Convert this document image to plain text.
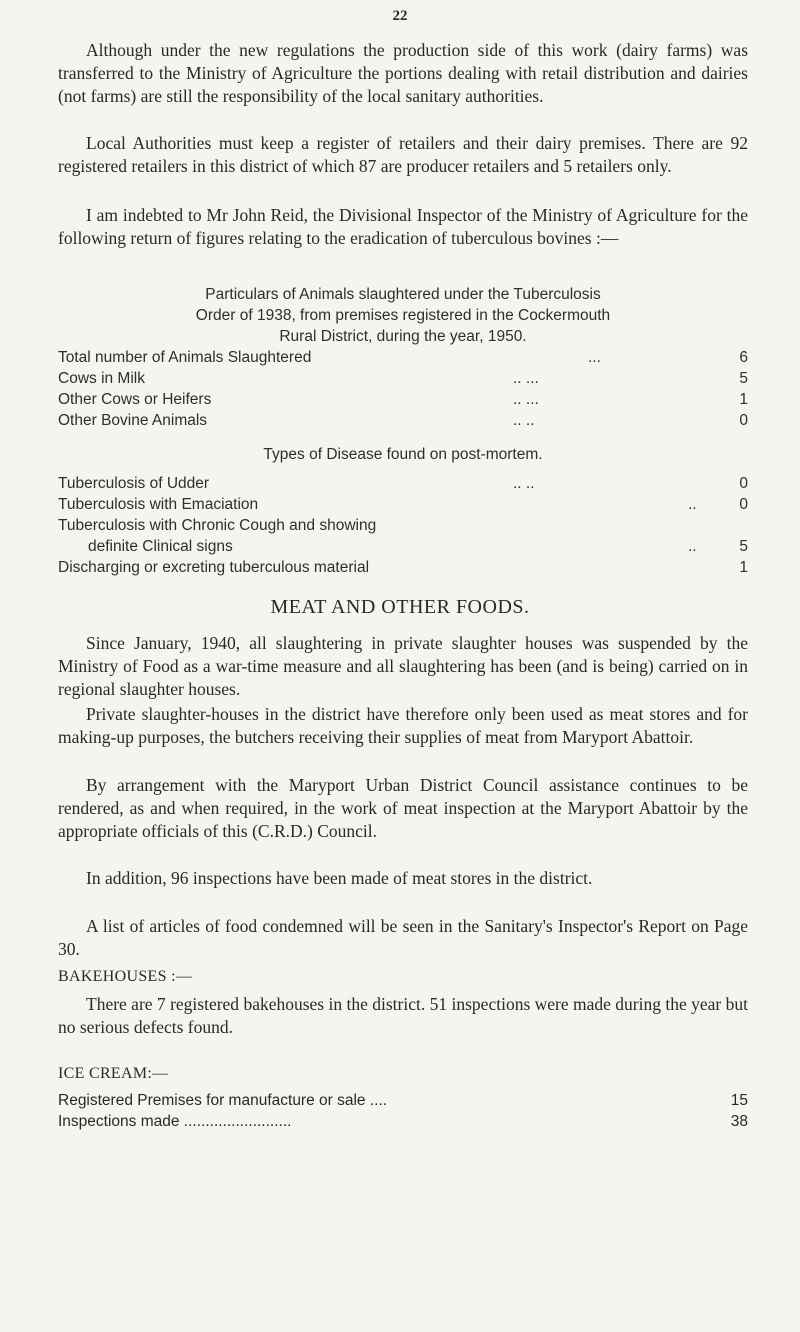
22

Although under the new regulations the production side of this work (dairy farms) was transferred to the Ministry of Agriculture the portions dealing with retail distribution and dairies (not farms) are still the responsibility of the local sanitary authorities.

Local Authorities must keep a register of retailers and their dairy premises. There are 92 registered retailers in this district of which 87 are producer retailers and 5 retailers only.

I am indebted to Mr John Reid, the Divisional Inspector of the Ministry of Agriculture for the following return of figures relating to the eradication of tuberculous bovines :—

Particulars of Animals slaughtered under the Tuberculosis
Order of 1938, from premises registered in the Cockermouth
Rural District, during the year, 1950.
Total number of Animals Slaughtered	...	6
Cows in Milk	.. ...	5
Other Cows or Heifers	.. ...	1
Other Bovine Animals	.. ..	0
Types of Disease found on post-mortem.
Tuberculosis of Udder	.. ..	0
Tuberculosis with Emaciation	..	0
Tuberculosis with Chronic Cough and showing
definite Clinical signs	..	5
Discharging or excreting tuberculous material	1
MEAT AND OTHER FOODS.

Since January, 1940, all slaughtering in private slaughter houses was suspended by the Ministry of Food as a war-time measure and all slaughtering has been (and is being) carried on in regional slaughter houses.

Private slaughter-houses in the district have therefore only been used as meat stores and for making-up purposes, the butchers receiving their supplies of meat from Maryport Abattoir.

By arrangement with the Maryport Urban District Council assistance continues to be rendered, as and when required, in the work of meat inspection at the Maryport Abattoir by the appropriate officials of this (C.R.D.) Council.

In addition, 96 inspections have been made of meat stores in the district.

A list of articles of food condemned will be seen in the Sanitary's Inspector's Report on Page 30.

BAKEHOUSES :—

There are 7 registered bakehouses in the district. 51 inspections were made during the year but no serious defects found.

ICE CREAM:—
Registered Premises for manufacture or sale ....	15
Inspections made .........................	38
